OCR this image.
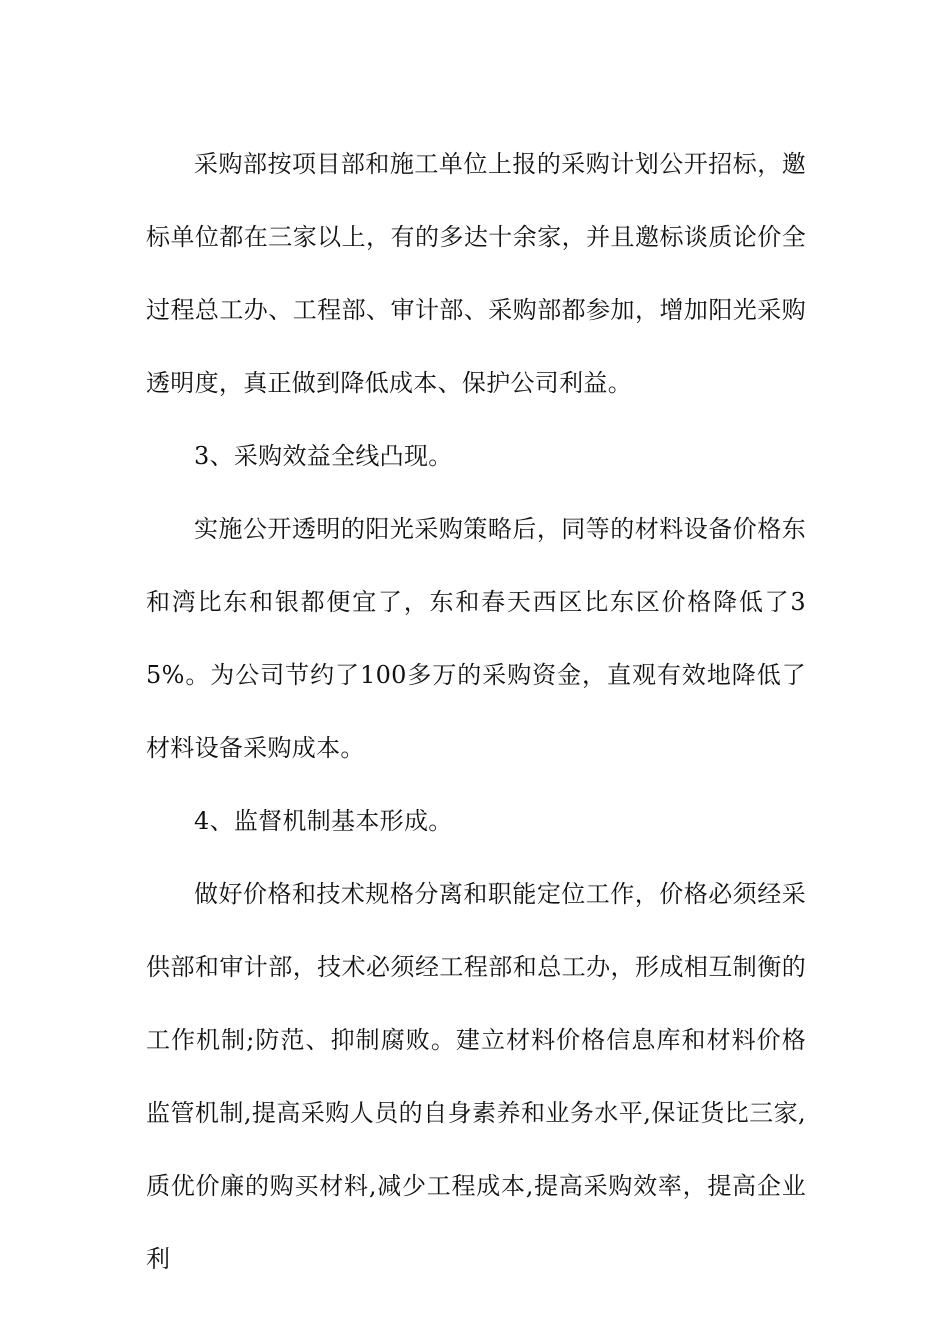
采购部按项目部和施工单位上报的采购计划公开招标，邀标单位都在三家以上，有的多达十余家，并且邀标谈质论价全过程总工办、工程部、审计部、采购部都参加，增加阳光采购透明度，真正做到降低成本、保护公司利益。

3、采购效益全线凸现。

实施公开透明的阳光采购策略后，同等的材料设备价格东和湾比东和银都便宜了，东和春天西区比东区价格降低了35%。为公司节约了100多万的采购资金，直观有效地降低了材料设备采购成本。

4、监督机制基本形成。

做好价格和技术规格分离和职能定位工作，价格必须经采供部和审计部，技术必须经工程部和总工办，形成相互制衡的工作机制;防范、抑制腐败。建立材料价格信息库和材料价格监管机制,提高采购人员的自身素养和业务水平,保证货比三家,质优价廉的购买材料,减少工程成本,提高采购效率，提高企业利
